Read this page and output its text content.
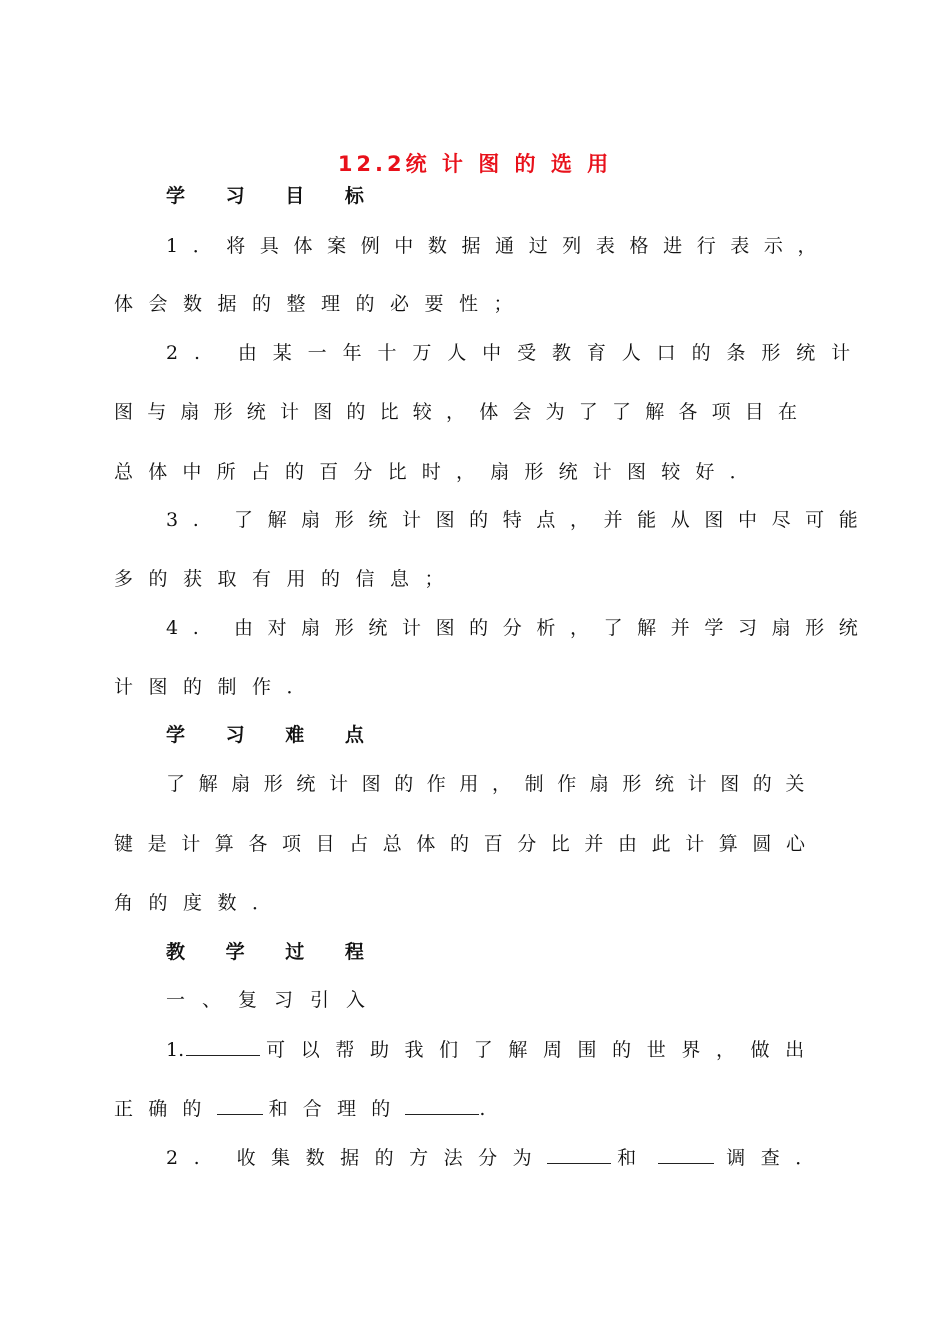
12.2统 计 图 的 选 用
学 习 目 标
1．将具体案例中数据通过列表格进行表示，
体会数据的整理的必要性；
2. 由某一年十万人中受教育人口的条形统计
图与扇形统计图的比较，体会为了了解各项目在
总体中所占的百分比时，扇形统计图较好．
3. 了解扇形统计图的特点，并能从图中尽可能
多的获取有用的信息；
4. 由对扇形统计图的分析，了解并学习扇形统
计图的制作．
学 习 难 点
了解扇形统计图的作用，制作扇形统计图的关
键是计算各项目占总体的百分比并由此计算圆心
角的度数．
教 学 过 程
一、复习引入
1.	可以帮助我们了解周围的世界，做出
正确的	和合理的	.
2. 收集数据的方法分为	和	调查．
